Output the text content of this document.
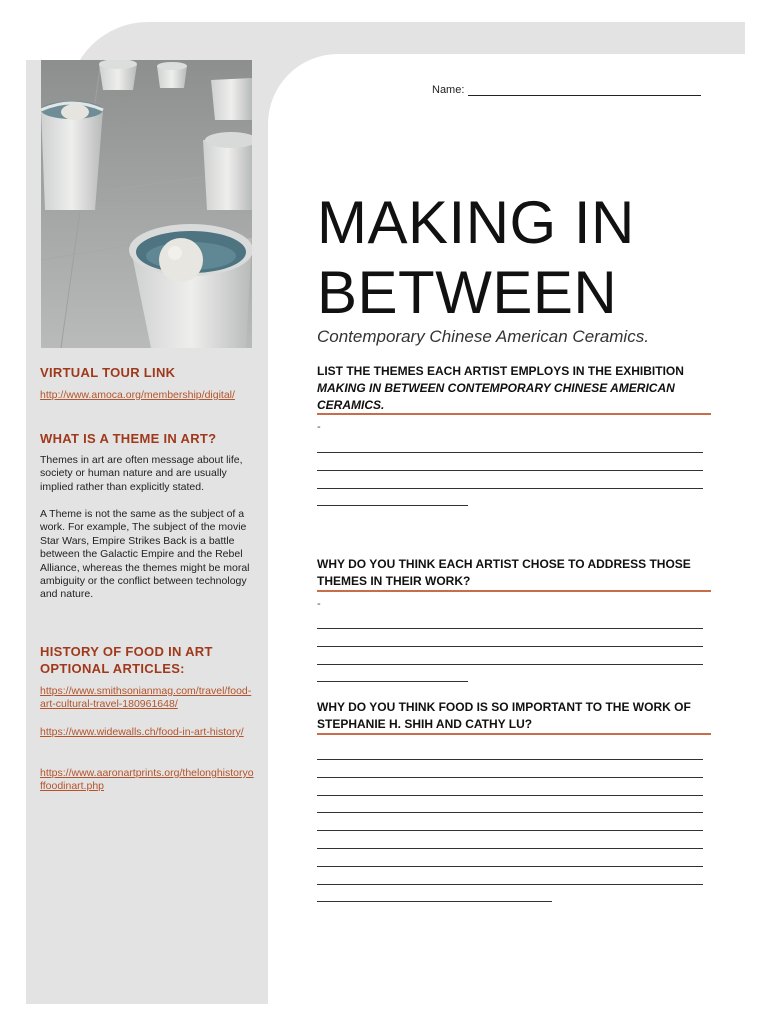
Name:
MAKING IN
BETWEEN
Contemporary Chinese American Ceramics.
VIRTUAL TOUR LINK
http://www.amoca.org/membership/digital/
WHAT IS A THEME IN ART?
Themes in art are often message about life, society or human nature and are usually implied rather than explicitly stated.
A Theme is not the same as the subject of a work. For example, The subject of the movie Star Wars, Empire Strikes Back is a battle between the Galactic Empire and the Rebel Alliance, whereas the themes might be moral ambiguity or the conflict between technology and nature.
HISTORY OF FOOD IN ART
OPTIONAL ARTICLES:
https://www.smithsonianmag.com/travel/food-art-cultural-travel-180961648/
https://www.widewalls.ch/food-in-art-history/
https://www.aaronartprints.org/thelonghistoryoffoodinart.php
LIST THE THEMES EACH ARTIST EMPLOYS IN THE EXHIBITION MAKING IN BETWEEN CONTEMPORARY CHINESE AMERICAN CERAMICS.
-
WHY DO YOU THINK EACH ARTIST CHOSE TO ADDRESS THOSE THEMES IN THEIR WORK?
-
WHY DO YOU THINK FOOD IS SO IMPORTANT TO THE WORK OF STEPHANIE H. SHIH AND CATHY LU?
